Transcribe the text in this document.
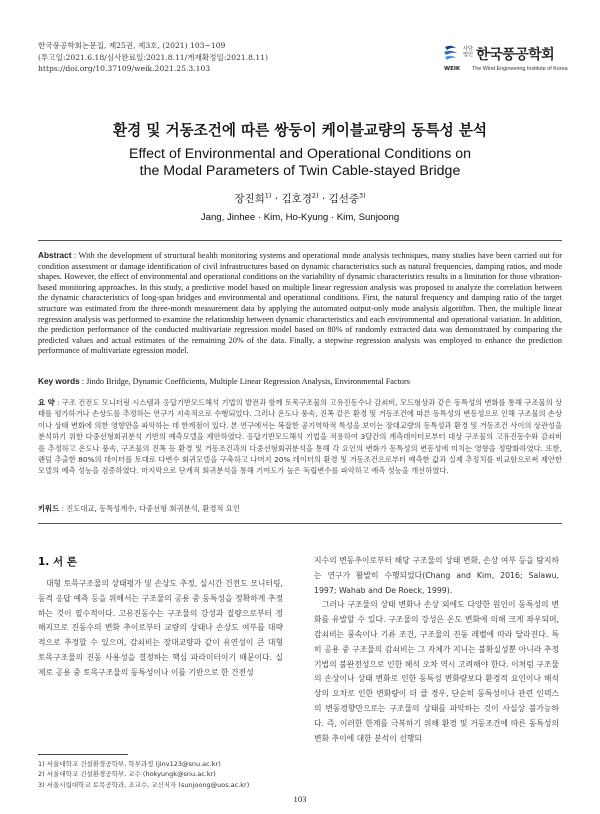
한국풍공학회논문집, 제25권, 제3호, (2021) 103~109
(투고일:2021.6.18/심사완료일:2021.8.11/게재확정일:2021.8.11)
https://doi.org/10.37109/weik.2021.25.3.103	WEIK
사단
법인 한국풍공학회
The Wind Engineering Institute of Korea
환경 및 거동조건에 따른 쌍둥이 케이블교량의 동특성 분석
Effect of Environmental and Operational Conditions on
the Modal Parameters of Twin Cable-stayed Bridge
장진희$^{1)}$ · 김호경$^{2)}$ · 김선중$^{3)}$
Jang, Jinhee · Kim, Ho-Kyung · Kim, Sunjoong
Abstract : With the development of structural health monitoring systems and operational mode analysis techniques, many studies have been carried out for condition assessment or damage identification of civil infrastructures based on dynamic characteristics such as natural frequencies, damping ratios, and mode shapes. However, the effect of environmental and operational conditions on the variability of dynamic characteristics results in a limitation for those vibration-based monitoring approaches. In this study, a predictive model based on multiple linear regression analysis was proposed to analyze the correlation between the dynamic characteristics of long-span bridges and environmental and operational conditions. First, the natural frequency and damping ratio of the target structure was estimated from the three-month measurement data by applying the automated output-only mode analysis algorithm. Then, the multiple linear regression analysis was performed to examine the relationship between dynamic characteristics and each environmental and operational variation. In addition, the prediction performance of the conducted multivariate regression model based on 80% of randomly extracted data was demonstrated by comparing the predicted values and actual estimates of the remaining 20% of the data. Finally, a stepwise regression analysis was employed to enhance the prediction performance of multivariate egression model.
Key words : Jindo Bridge, Dynamic Coefficients, Multiple Linear Regression Analysis, Environmental Factors
요 약 : 구조 건전도 모니터링 시스템과 응답기반모드해석 기법의 발전과 함께 토목구조물의 고유진동수나 감쇠비, 모드형상과 같은 동특성의 변화를 통해 구조물의 상태를 평가하거나 손상도를 추정하는 연구가 지속적으로 수행되었다. 그러나 온도나 풍속, 진폭 같은 환경 및 거동조건에 따른 동특성의 변동성으로 인해 구조물의 손상이나 상태 변화에 의한 영향만을 파악하는 데 한계점이 있다. 본 연구에서는 복잡한 공기역학적 특성을 보이는 장대교량의 동특성과 환경 및 거동조건 사이의 상관성을 분석하기 위한 다중선형회귀분석 기반의 예측모델을 제안하였다. 응답기반모드해석 기법을 적용하여 3달간의 계측데이터로부터 대상 구조물의 고유진동수와 감쇠비를 추정하고 온도나 풍속, 구조물의 진폭 등 환경 및 거동조건과의 다중선형회귀분석을 통해 각 요인의 변화가 동특성의 변동성에 미치는 영향을 정량화하였다. 또한, 랜덤 추출한 80%의 데이터를 토대로 다변수 회귀모델을 구축하고 나머지 20% 데이터의 환경 및 거동조건으로부터 예측한 값과 실제 추정치를 비교함으로써 제안한 모델의 예측 성능을 검증하였다. 마지막으로 단계적 회귀분석을 통해 기여도가 높은 독립변수를 파악하고 예측 성능을 개선하였다.
키워드 : 진도대교, 동특성계수, 다중선형 회귀분석, 환경적 요인
1. 서 론
대형 토목구조물의 상태평가 및 손상도 추정, 실시간 건전도 모니터링, 동적 응답 예측 등을 위해서는 구조물의 공용 중 동특성을 정확하게 추정하는 것이 필수적이다. 고유진동수는 구조물의 강성과 질량으로부터 정해지므로 진동수의 변화 추이로부터 교량의 상태나 손상도 여부를 대략적으로 추정할 수 있으며, 감쇠비는 장대교량과 같이 유연성이 큰 대형 토목구조물의 진동 사용성을 결정하는 핵심 파라미터이기 때문이다. 실제로 공용 중 토목구조물의 동특성이나 이를 기반으로 한 건전성
지수의 변동추이로부터 해당 구조물의 상태 변화, 손상 여부 등을 탐지하는 연구가 활발히 수행되었다(Chang and Kim, 2016; Salawu, 1997; Wahab and De Roeck, 1999).
그러나 구조물의 상태 변화나 손상 외에도 다양한 원인이 동특성의 변화를 유발할 수 있다. 구조물의 강성은 온도 변화에 의해 크게 좌우되며, 감쇠비는 풍속이나 기류 조건, 구조물의 진동 레벨에 따라 달라진다. 특히 공용 중 구조물의 감쇠비는 그 자체가 지니는 불확실성뿐 아니라 추정 기법의 불완전성으로 인한 해석 오차 역시 고려해야 한다. 이처럼 구조물의 손상이나 상태 변화로 인한 동특성 변화량보다 환경적 요인이나 해석상의 오차로 인한 변화량이 더 클 경우, 단순히 동특성이나 관련 인덱스의 변동경향만으로는 구조물의 상태를 파악하는 것이 사실상 불가능하다. 즉, 이러한 한계를 극복하기 위해 환경 및 거동조건에 따른 동특성의 변화 추이에 대한 분석이 선행되
1) 서울대학교 건설환경공학부, 학부과정 (jinv123@snu.ac.kr)
2) 서울대학교 건설환경공학부, 교수 (hokyungk@snu.ac.kr)
3) 서울시립대학교 토목공학과, 조교수, 교신저자 (sunjoong@uos.ac.kr)
103
